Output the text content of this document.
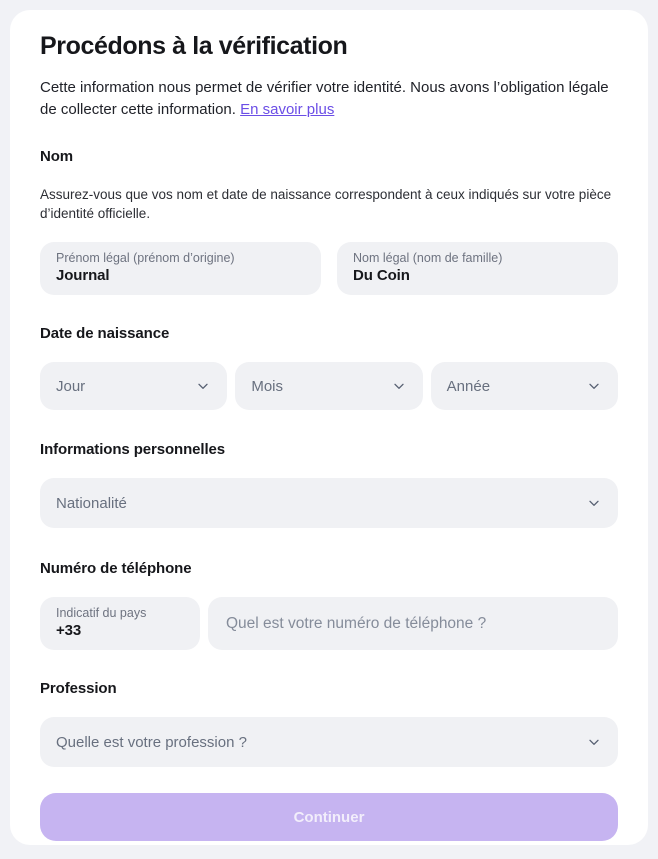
Procédons à la vérification

Cette information nous permet de vérifier votre identité. Nous avons l’obligation légale de collecter cette information. En savoir plus

Nom

Assurez-vous que vos nom et date de naissance correspondent à ceux indiqués sur votre pièce d’identité officielle.

Prénom légal (prénom d’origine)
Journal
Nom légal (nom de famille)
Du Coin
Date de naissance
Jour	Mois	Année
Informations personnelles
Nationalité
Numéro de téléphone
Indicatif du pays
+33
Quel est votre numéro de téléphone ?
Profession
Quelle est votre profession ?
Continuer
